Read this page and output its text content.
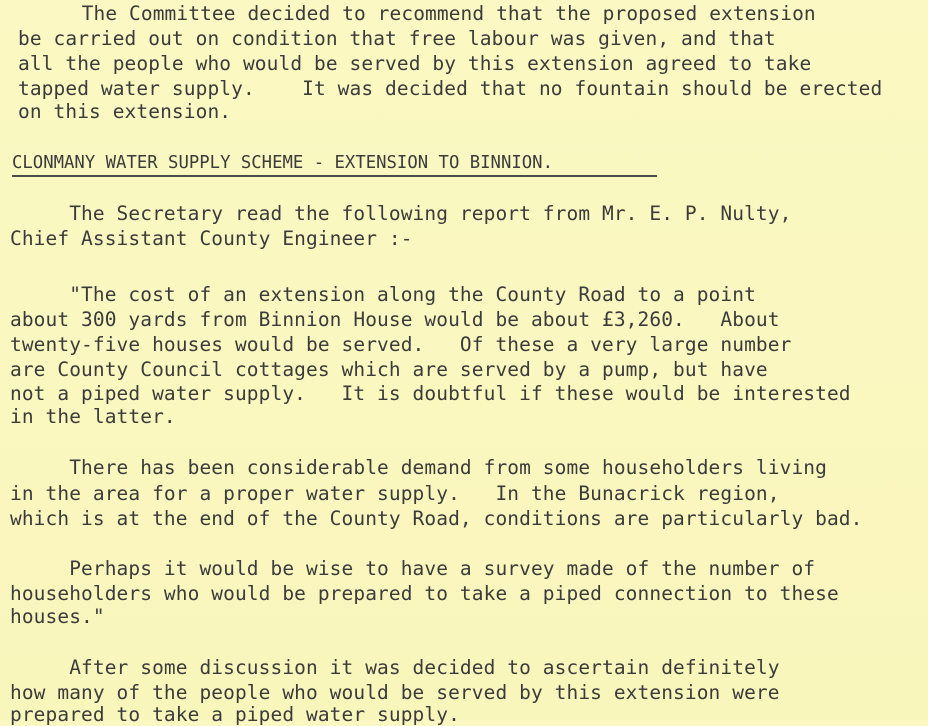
The Committee decided to recommend that the proposed extension
be carried out on condition that free labour was given, and that
all the people who would be served by this extension agreed to take
tapped water supply.    It was decided that no fountain should be erected
on this extension.
CLONMANY WATER SUPPLY SCHEME - EXTENSION TO BINNION.
The Secretary read the following report from Mr. E. P. Nulty,
Chief Assistant County Engineer :-
"The cost of an extension along the County Road to a point
about 300 yards from Binnion House would be about £3,260.   About
twenty-five houses would be served.   Of these a very large number
are County Council cottages which are served by a pump, but have
not a piped water supply.   It is doubtful if these would be interested
in the latter.
There has been considerable demand from some householders living
in the area for a proper water supply.   In the Bunacrick region,
which is at the end of the County Road, conditions are particularly bad.
Perhaps it would be wise to have a survey made of the number of
householders who would be prepared to take a piped connection to these
houses."
After some discussion it was decided to ascertain definitely
how many of the people who would be served by this extension were
prepared to take a piped water supply.
